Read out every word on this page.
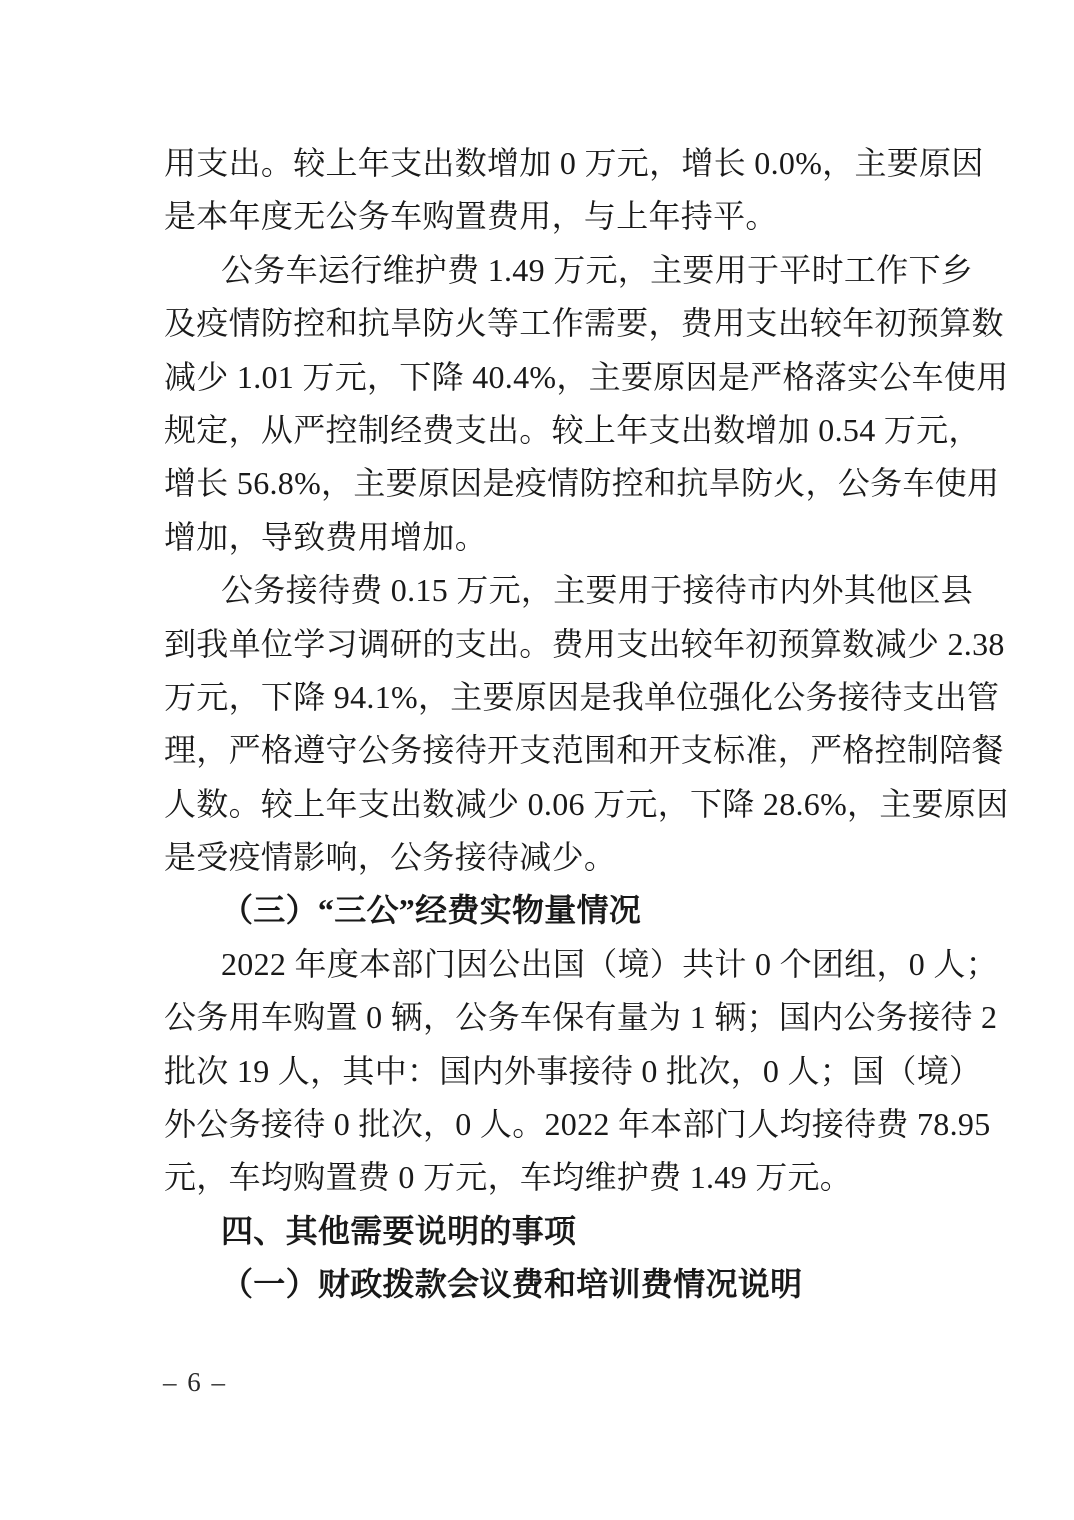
用支出。较上年支出数增加 0 万元，增长 0.0%，主要原因
是本年度无公务车购置费用，与上年持平。
公务车运行维护费 1.49 万元，主要用于平时工作下乡
及疫情防控和抗旱防火等工作需要，费用支出较年初预算数
减少 1.01 万元，下降 40.4%，主要原因是严格落实公车使用
规定，从严控制经费支出。较上年支出数增加 0.54 万元，
增长 56.8%，主要原因是疫情防控和抗旱防火，公务车使用
增加，导致费用增加。
公务接待费 0.15 万元，主要用于接待市内外其他区县
到我单位学习调研的支出。费用支出较年初预算数减少 2.38
万元，下降 94.1%，主要原因是我单位强化公务接待支出管
理，严格遵守公务接待开支范围和开支标准，严格控制陪餐
人数。较上年支出数减少 0.06 万元，下降 28.6%，主要原因
是受疫情影响，公务接待减少。
（三）“三公”经费实物量情况
2022 年度本部门因公出国（境）共计 0 个团组，0 人；
公务用车购置 0 辆，公务车保有量为 1 辆；国内公务接待 2
批次 19 人，其中：国内外事接待 0 批次，0 人；国（境）
外公务接待 0 批次，0 人。2022 年本部门人均接待费 78.95
元，车均购置费 0 万元，车均维护费 1.49 万元。
四、其他需要说明的事项
（一）财政拨款会议费和培训费情况说明
– 6 –
